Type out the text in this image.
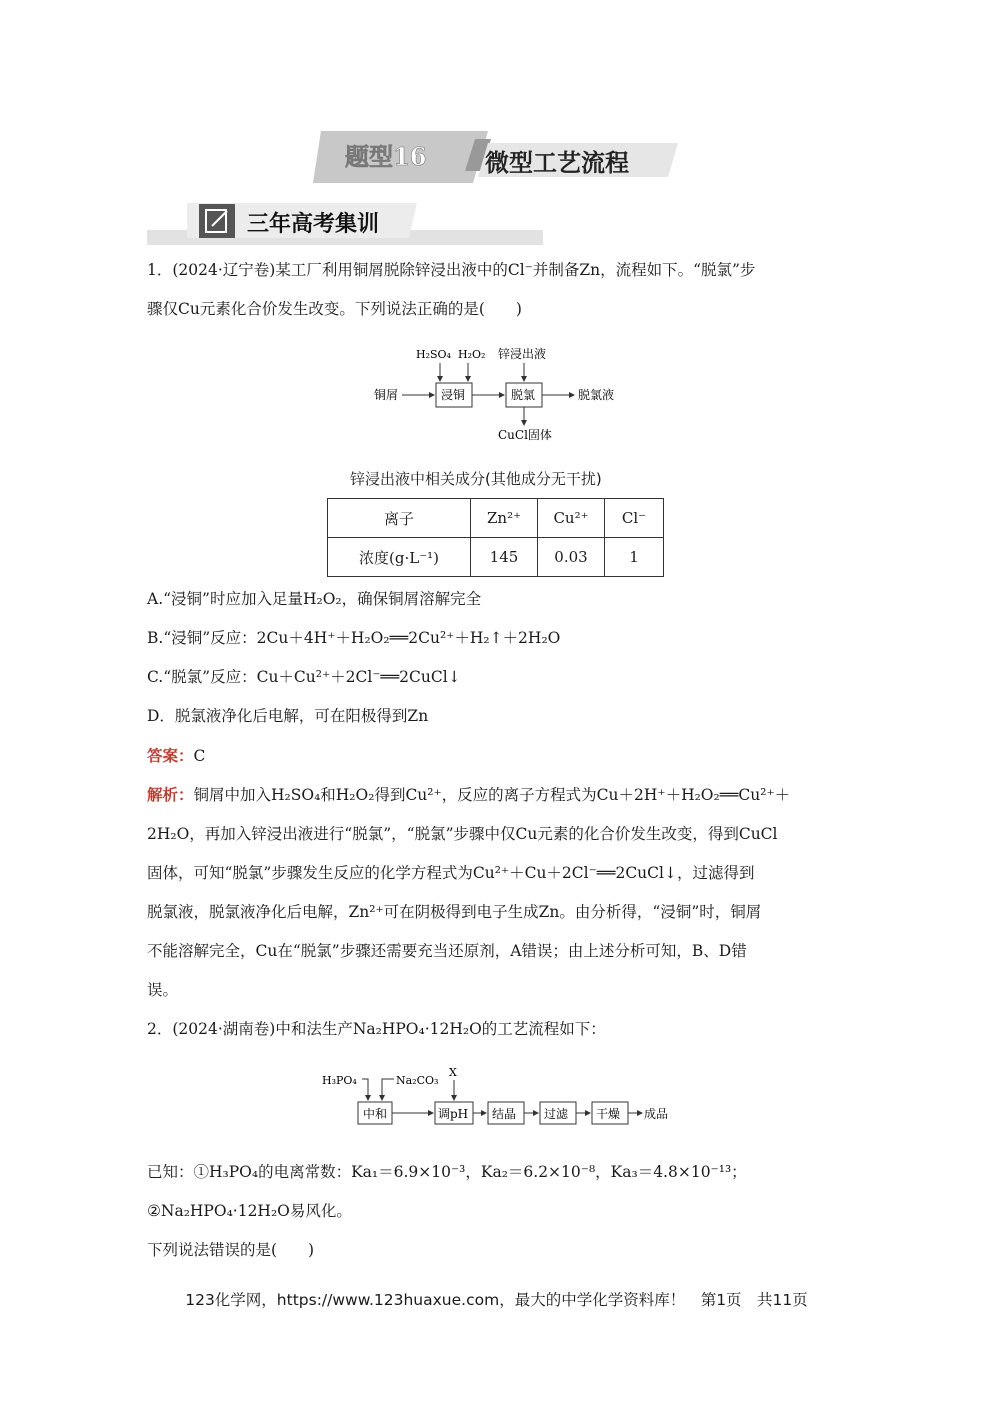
题型16 微型工艺流程
三年高考集训
1．(2024·辽宁卷)某工厂利用铜屑脱除锌浸出液中的Cl⁻并制备Zn，流程如下。“脱氯”步
骤仅Cu元素化合价发生改变。下列说法正确的是(　　)
H₂SO₄ H₂O₂ 锌浸出液
铜屑	浸铜	脱氯	脱氯液
CuCl固体
锌浸出液中相关成分(其他成分无干扰)
离子	Zn²⁺	Cu²⁺	Cl⁻
浓度(g·L⁻¹)	145	0.03	1
A.“浸铜”时应加入足量H₂O₂，确保铜屑溶解完全
B.“浸铜”反应：2Cu＋4H⁺＋H₂O₂══2Cu²⁺＋H₂↑＋2H₂O
C.“脱氯”反应：Cu＋Cu²⁺＋2Cl⁻══2CuCl↓
D．脱氯液净化后电解，可在阳极得到Zn
答案：C
解析：铜屑中加入H₂SO₄和H₂O₂得到Cu²⁺，反应的离子方程式为Cu＋2H⁺＋H₂O₂══Cu²⁺＋
2H₂O，再加入锌浸出液进行“脱氯”，“脱氯”步骤中仅Cu元素的化合价发生改变，得到CuCl
固体，可知“脱氯”步骤发生反应的化学方程式为Cu²⁺＋Cu＋2Cl⁻══2CuCl↓，过滤得到
脱氯液，脱氯液净化后电解，Zn²⁺可在阴极得到电子生成Zn。由分析得，“浸铜”时，铜屑
不能溶解完全，Cu在“脱氯”步骤还需要充当还原剂，A错误；由上述分析可知，B、D错
误。
2．(2024·湖南卷)中和法生产Na₂HPO₄·12H₂O的工艺流程如下：
H₃PO₄	Na₂CO₃
X
中和	调pH 结晶 过滤 干燥 成品
已知：①H₃PO₄的电离常数：Ka₁＝6.9×10⁻³，Ka₂＝6.2×10⁻⁸，Ka₃＝4.8×10⁻¹³；
②Na₂HPO₄·12H₂O易风化。
下列说法错误的是(　　)
123化学网，https://www.123huaxue.com，最大的中学化学资料库！　第1页　共11页
